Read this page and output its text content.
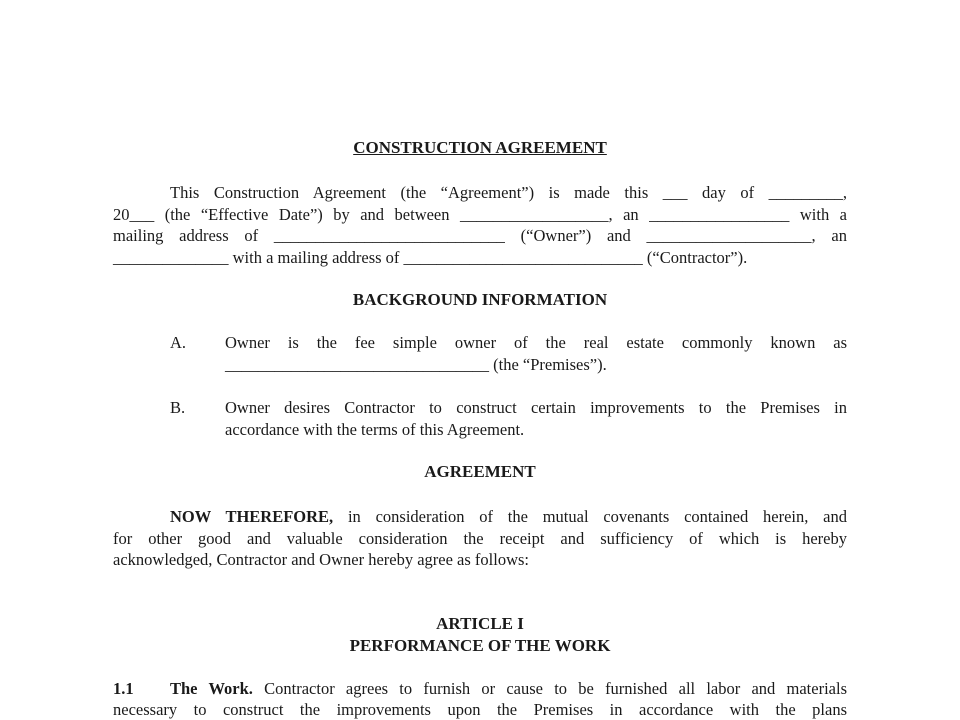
CONSTRUCTION AGREEMENT
This Construction Agreement (the “Agreement”) is made this ___ day of _________,
20___ (the “Effective Date”) by and between __________________, an _________________ with a
mailing address of ____________________________ (“Owner”) and ____________________, an
______________ with a mailing address of _____________________________ (“Contractor”).
BACKGROUND INFORMATION
A. Owner is the fee simple owner of the real estate commonly known as
________________________________ (the “Premises”).
B. Owner desires Contractor to construct certain improvements to the Premises in
accordance with the terms of this Agreement.
AGREEMENT
NOW THEREFORE, in consideration of the mutual covenants contained herein, and
for other good and valuable consideration the receipt and sufficiency of which is hereby
acknowledged, Contractor and Owner hereby agree as follows:
ARTICLE I
PERFORMANCE OF THE WORK
1.1 The Work. Contractor agrees to furnish or cause to be furnished all labor and materials
necessary to construct the improvements upon the Premises in accordance with the plans
